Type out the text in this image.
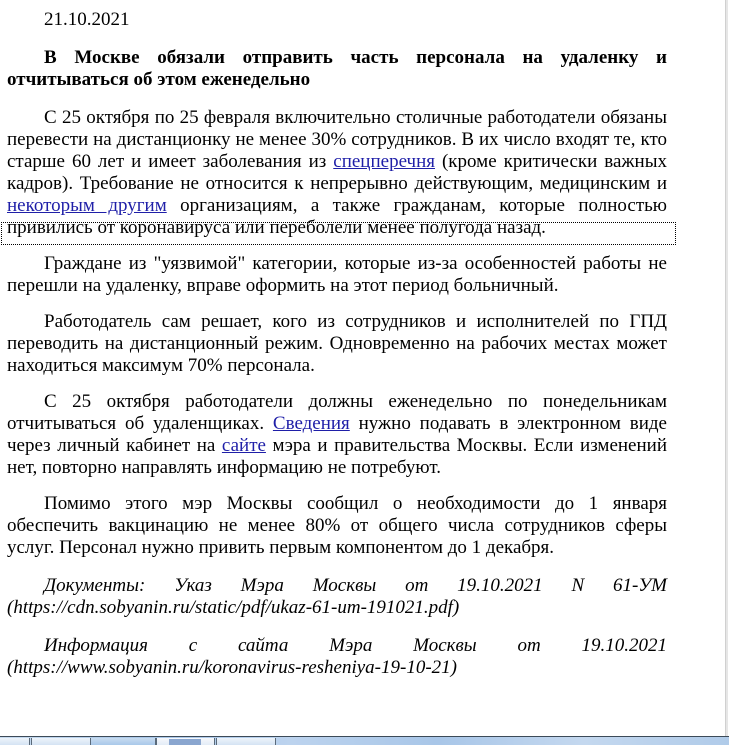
21.10.2021

В Москве обязали отправить часть персонала на удаленку и отчитываться об этом еженедельно

С 25 октября по 25 февраля включительно столичные работодатели обязаны перевести на дистанционку не менее 30% сотрудников. В их число входят те, кто старше 60 лет и имеет заболевания из спецперечня (кроме критически важных кадров). Требование не относится к непрерывно действующим, медицинским и некоторым другим организациям, а также гражданам, которые полностью привились от коронавируса или переболели менее полугода назад.

Граждане из "уязвимой" категории, которые из-за особенностей работы не перешли на удаленку, вправе оформить на этот период больничный.

Работодатель сам решает, кого из сотрудников и исполнителей по ГПД переводить на дистанционный режим. Одновременно на рабочих местах может находиться максимум 70% персонала.

С 25 октября работодатели должны еженедельно по понедельникам отчитываться об удаленщиках. Сведения нужно подавать в электронном виде через личный кабинет на сайте мэра и правительства Москвы. Если изменений нет, повторно направлять информацию не потребуют.

Помимо этого мэр Москвы сообщил о необходимости до 1 января обеспечить вакцинацию не менее 80% от общего числа сотрудников сферы услуг. Персонал нужно привить первым компонентом до 1 декабря.

Документы: Указ Мэра Москвы от 19.10.2021 N 61-УМ (https://cdn.sobyanin.ru/static/pdf/ukaz-61-um-191021.pdf)

Информация с сайта Мэра Москвы от 19.10.2021 (https://www.sobyanin.ru/koronavirus-resheniya-19-10-21)
